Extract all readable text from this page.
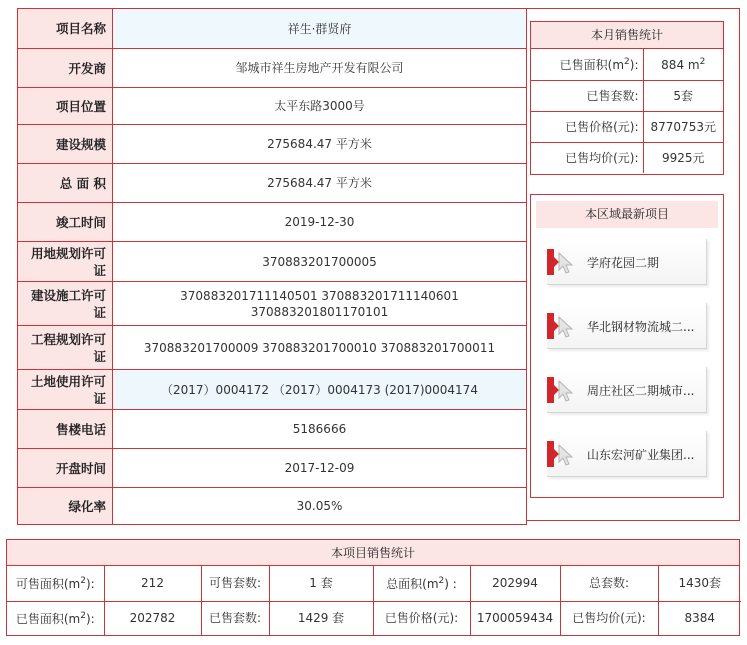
项目名称	祥生·群贤府
开发商	邹城市祥生房地产开发有限公司
项目位置	太平东路3000号
建设规模	275684.47 平方米
总 面 积	275684.47 平方米
竣工时间	2019-12-30
用地规划许可证	370883201700005
建设施工许可证	370883201711140501 370883201711140601 370883201801170101
工程规划许可证	370883201700009 370883201700010 370883201700011
土地使用许可证	（2017）0004172 （2017）0004173 (2017)0004174
售楼电话	5186666
开盘时间	2017-12-09
绿化率	30.05%
本月销售统计
已售面积$(m^2)$:	884 $m^2$
已售套数:	5套
已售价格(元):	8770753元
已售均价(元):	9925元
本区域最新项目
学府花园二期
华北钢材物流城二...
周庄社区二期城市...
山东宏河矿业集团...
本项目销售统计
可售面积$(m^2)$:	212	可售套数:	1 套	总面积$(m^2)$ :	202994	总套数:	1430套
已售面积$(m^2)$:	202782	已售套数:	1429 套	已售价格(元):	1700059434	已售均价(元):	8384
